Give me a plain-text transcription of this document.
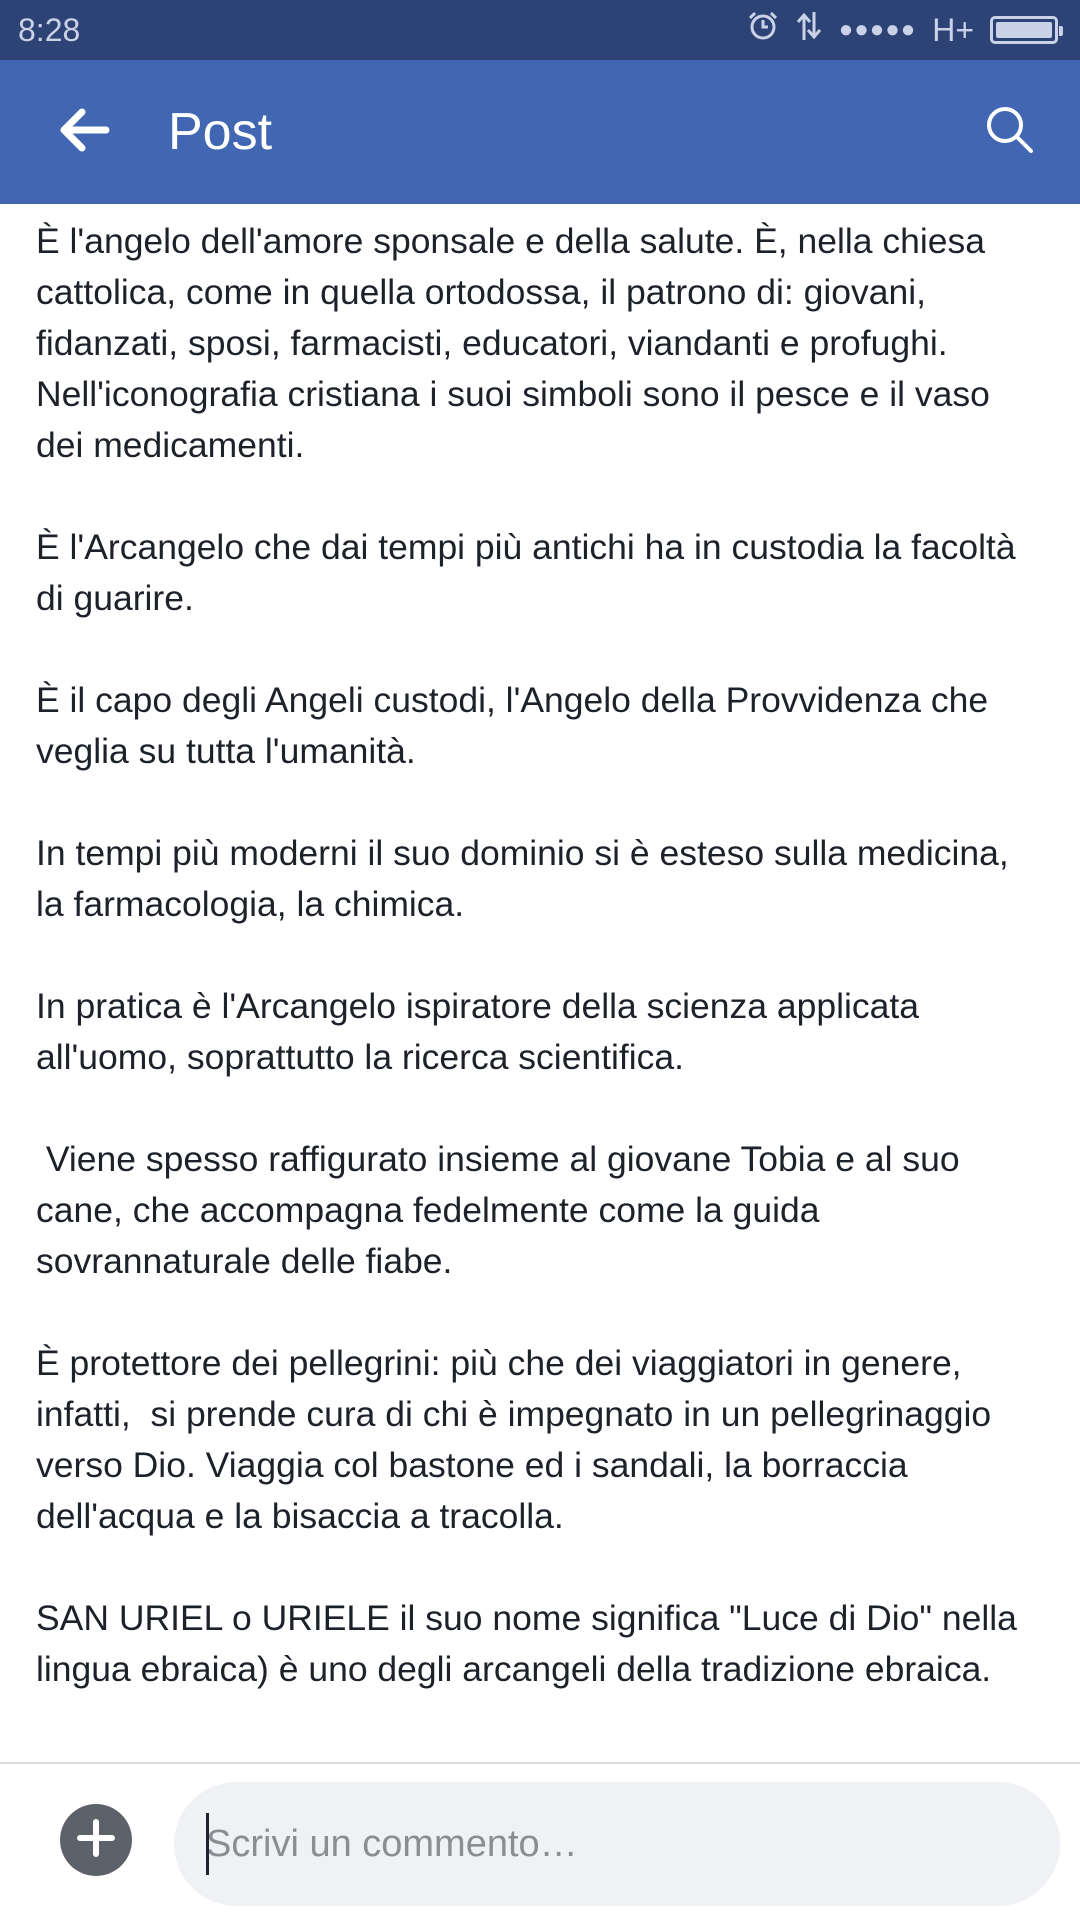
8:28	●●●●● H+
Post

È l'angelo dell'amore sponsale e della salute. È, nella chiesa cattolica, come in quella ortodossa, il patrono di: giovani, fidanzati, sposi, farmacisti, educatori, viandanti e profughi. Nell'iconografia cristiana i suoi simboli sono il pesce e il vaso dei medicamenti.

È l'Arcangelo che dai tempi più antichi ha in custodia la facoltà di guarire.

È il capo degli Angeli custodi, l'Angelo della Provvidenza che veglia su tutta l'umanità.

In tempi più moderni il suo dominio si è esteso sulla medicina, la farmacologia, la chimica.

In pratica è l'Arcangelo ispiratore della scienza applicata all'uomo, soprattutto la ricerca scientifica.

Viene spesso raffigurato insieme al giovane Tobia e al suo cane, che accompagna fedelmente come la guida sovrannaturale delle fiabe.

È protettore dei pellegrini: più che dei viaggiatori in genere, infatti,  si prende cura di chi è impegnato in un pellegrinaggio verso Dio. Viaggia col bastone ed i sandali, la borraccia dell'acqua e la bisaccia a tracolla.

SAN URIEL o URIELE il suo nome significa "Luce di Dio" nella lingua ebraica) è uno degli arcangeli della tradizione ebraica.

Scrivi un commento…
